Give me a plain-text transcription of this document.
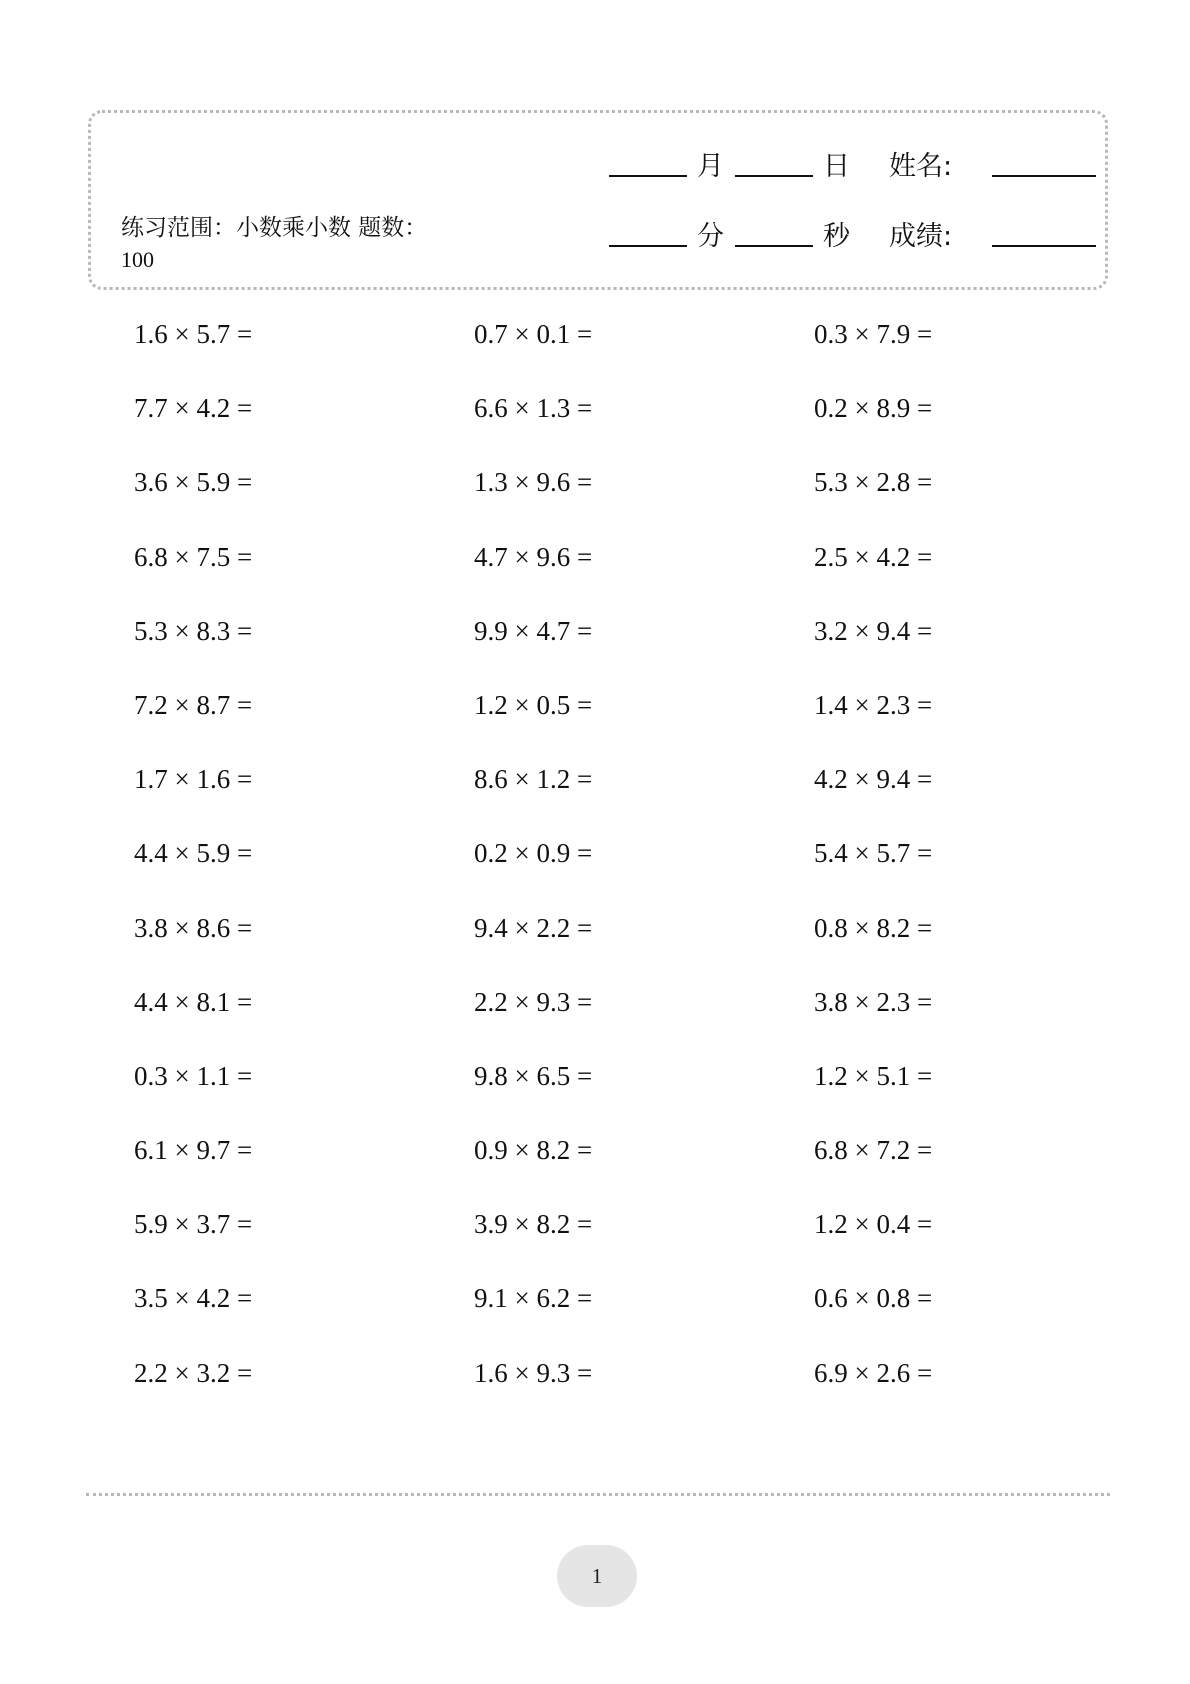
练习范围：小数乘小数 题数：
100
月	日 姓名:
分	秒 成绩:
1.6 × 5.7 =	0.7 × 0.1 =	0.3 × 7.9 =
7.7 × 4.2 =	6.6 × 1.3 =	0.2 × 8.9 =
3.6 × 5.9 =	1.3 × 9.6 =	5.3 × 2.8 =
6.8 × 7.5 =	4.7 × 9.6 =	2.5 × 4.2 =
5.3 × 8.3 =	9.9 × 4.7 =	3.2 × 9.4 =
7.2 × 8.7 =	1.2 × 0.5 =	1.4 × 2.3 =
1.7 × 1.6 =	8.6 × 1.2 =	4.2 × 9.4 =
4.4 × 5.9 =	0.2 × 0.9 =	5.4 × 5.7 =
3.8 × 8.6 =	9.4 × 2.2 =	0.8 × 8.2 =
4.4 × 8.1 =	2.2 × 9.3 =	3.8 × 2.3 =
0.3 × 1.1 =	9.8 × 6.5 =	1.2 × 5.1 =
6.1 × 9.7 =	0.9 × 8.2 =	6.8 × 7.2 =
5.9 × 3.7 =	3.9 × 8.2 =	1.2 × 0.4 =
3.5 × 4.2 =	9.1 × 6.2 =	0.6 × 0.8 =
2.2 × 3.2 =	1.6 × 9.3 =	6.9 × 2.6 =
1
